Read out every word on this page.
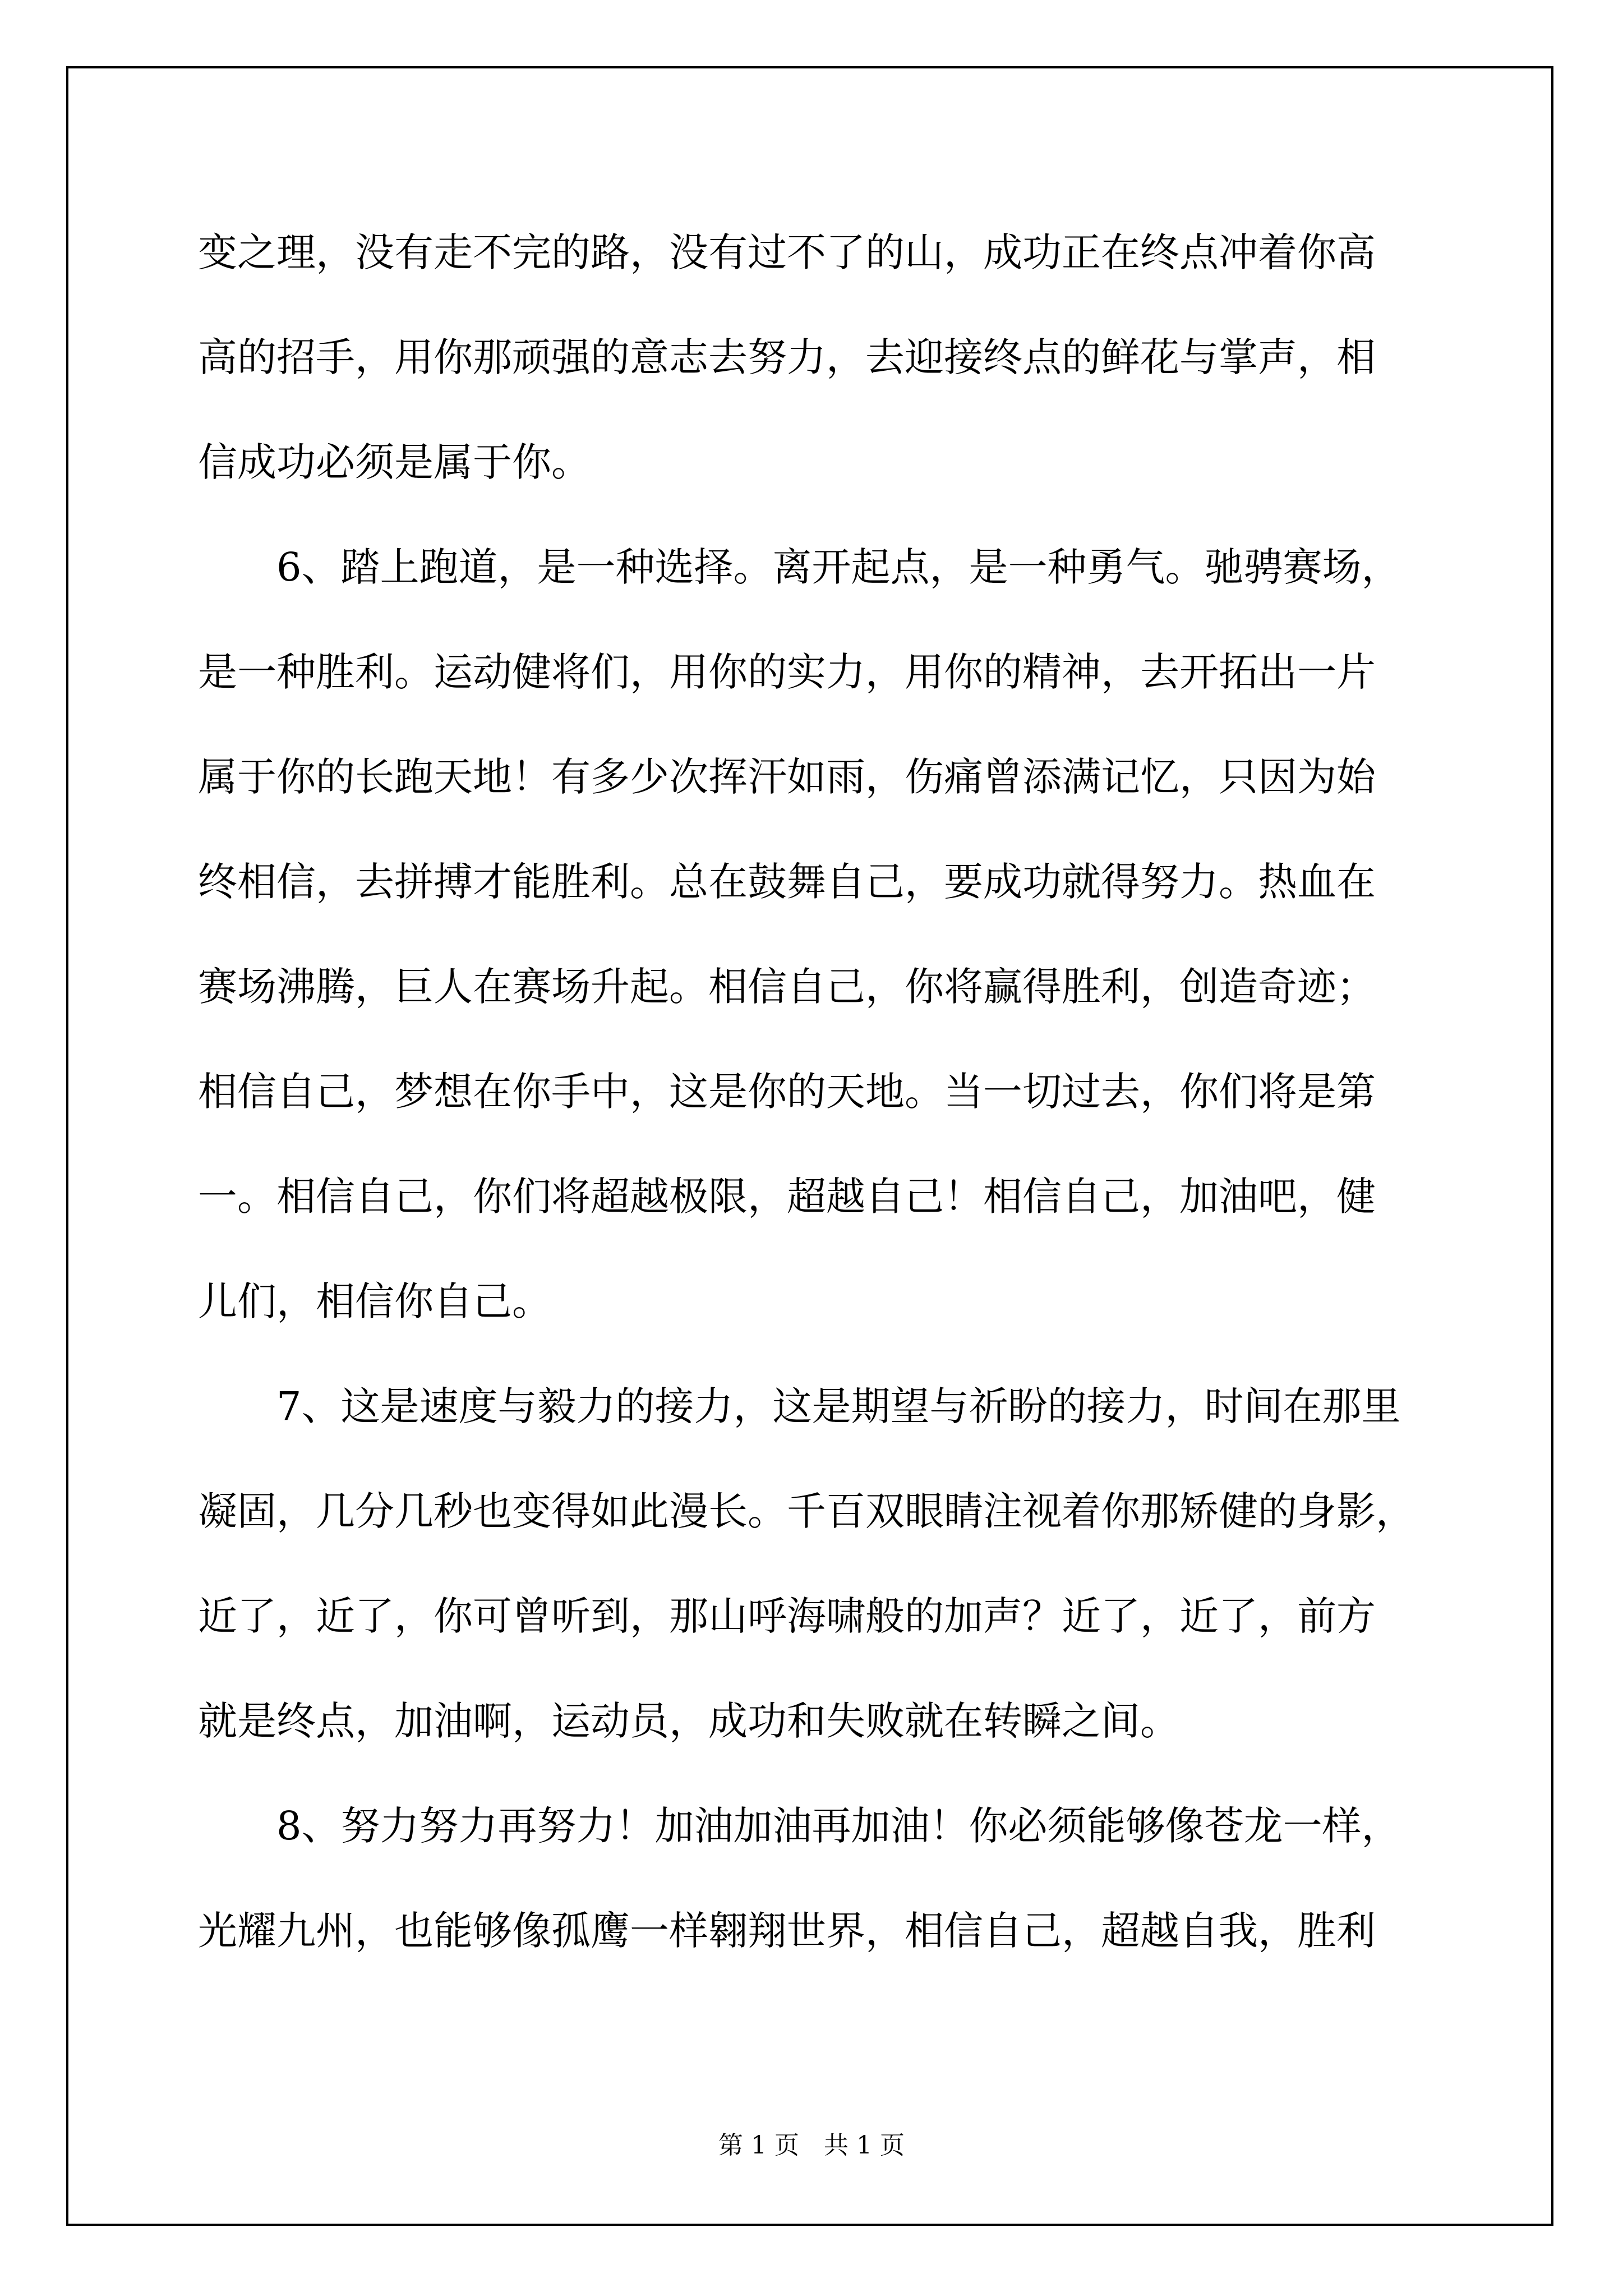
变之理，没有走不完的路，没有过不了的山，成功正在终点冲着你高
高的招手，用你那顽强的意志去努力，去迎接终点的鲜花与掌声，相
信成功必须是属于你。
　　6、踏上跑道，是一种选择。离开起点，是一种勇气。驰骋赛场，
是一种胜利。运动健将们，用你的实力，用你的精神，去开拓出一片
属于你的长跑天地！有多少次挥汗如雨，伤痛曾添满记忆，只因为始
终相信，去拼搏才能胜利。总在鼓舞自己，要成功就得努力。热血在
赛场沸腾，巨人在赛场升起。相信自己，你将赢得胜利，创造奇迹；
相信自己，梦想在你手中，这是你的天地。当一切过去，你们将是第
一。相信自己，你们将超越极限，超越自己！相信自己，加油吧，健
儿们，相信你自己。
　　7、这是速度与毅力的接力，这是期望与祈盼的接力，时间在那里
凝固，几分几秒也变得如此漫长。千百双眼睛注视着你那矫健的身影，
近了，近了，你可曾听到，那山呼海啸般的加声？近了，近了，前方
就是终点，加油啊，运动员，成功和失败就在转瞬之间。
　　8、努力努力再努力！加油加油再加油！你必须能够像苍龙一样，
光耀九州，也能够像孤鹰一样翱翔世界，相信自己，超越自我，胜利
第 1 页　共 1 页
